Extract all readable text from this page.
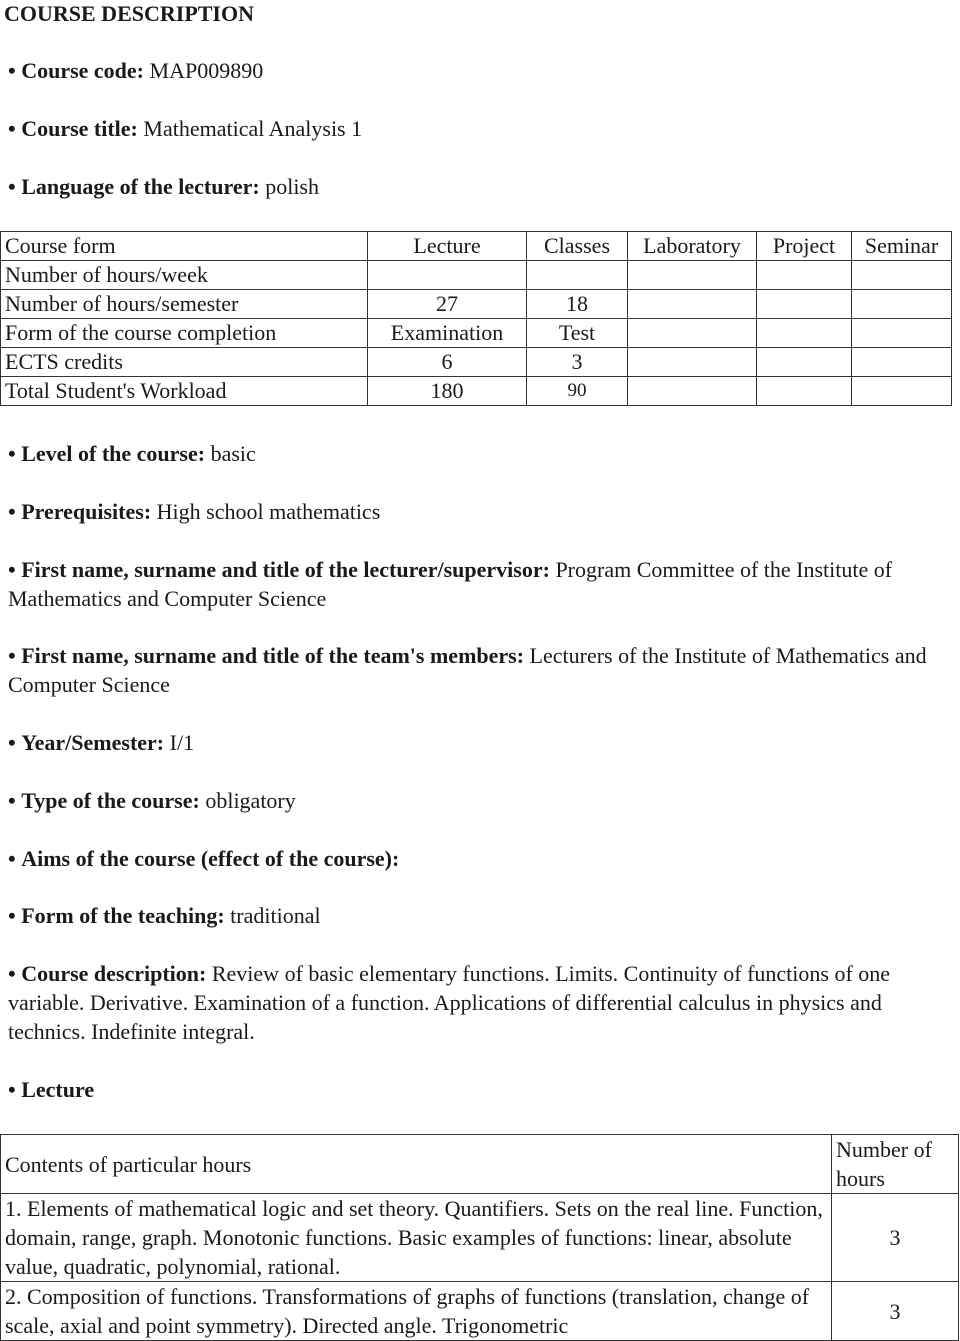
COURSE DESCRIPTION
• Course code: MAP009890
• Course title: Mathematical Analysis 1
• Language of the lecturer: polish
Course form	Lecture	Classes	Laboratory	Project	Seminar
Number of hours/week					
Number of hours/semester	27	18			
Form of the course completion	Examination	Test			
ECTS credits	6	3			
Total Student's Workload	180	90			
• Level of the course: basic
• Prerequisites: High school mathematics
• First name, surname and title of the lecturer/supervisor: Program Committee of the Institute of Mathematics and Computer Science
• First name, surname and title of the team's members: Lecturers of the Institute of Mathematics and Computer Science
• Year/Semester: I/1
• Type of the course: obligatory
• Aims of the course (effect of the course):
• Form of the teaching: traditional
• Course description: Review of basic elementary functions. Limits. Continuity of functions of one variable. Derivative. Examination of a function. Applications of differential calculus in physics and technics. Indefinite integral.
• Lecture
Contents of particular hours	Number of hours
1. Elements of mathematical logic and set theory. Quantifiers. Sets on the real line. Function, domain, range, graph. Monotonic functions. Basic examples of functions: linear, absolute value, quadratic, polynomial, rational.	3
2. Composition of functions. Transformations of graphs of functions (translation, change of scale, axial and point symmetry). Directed angle. Trigonometric	3
